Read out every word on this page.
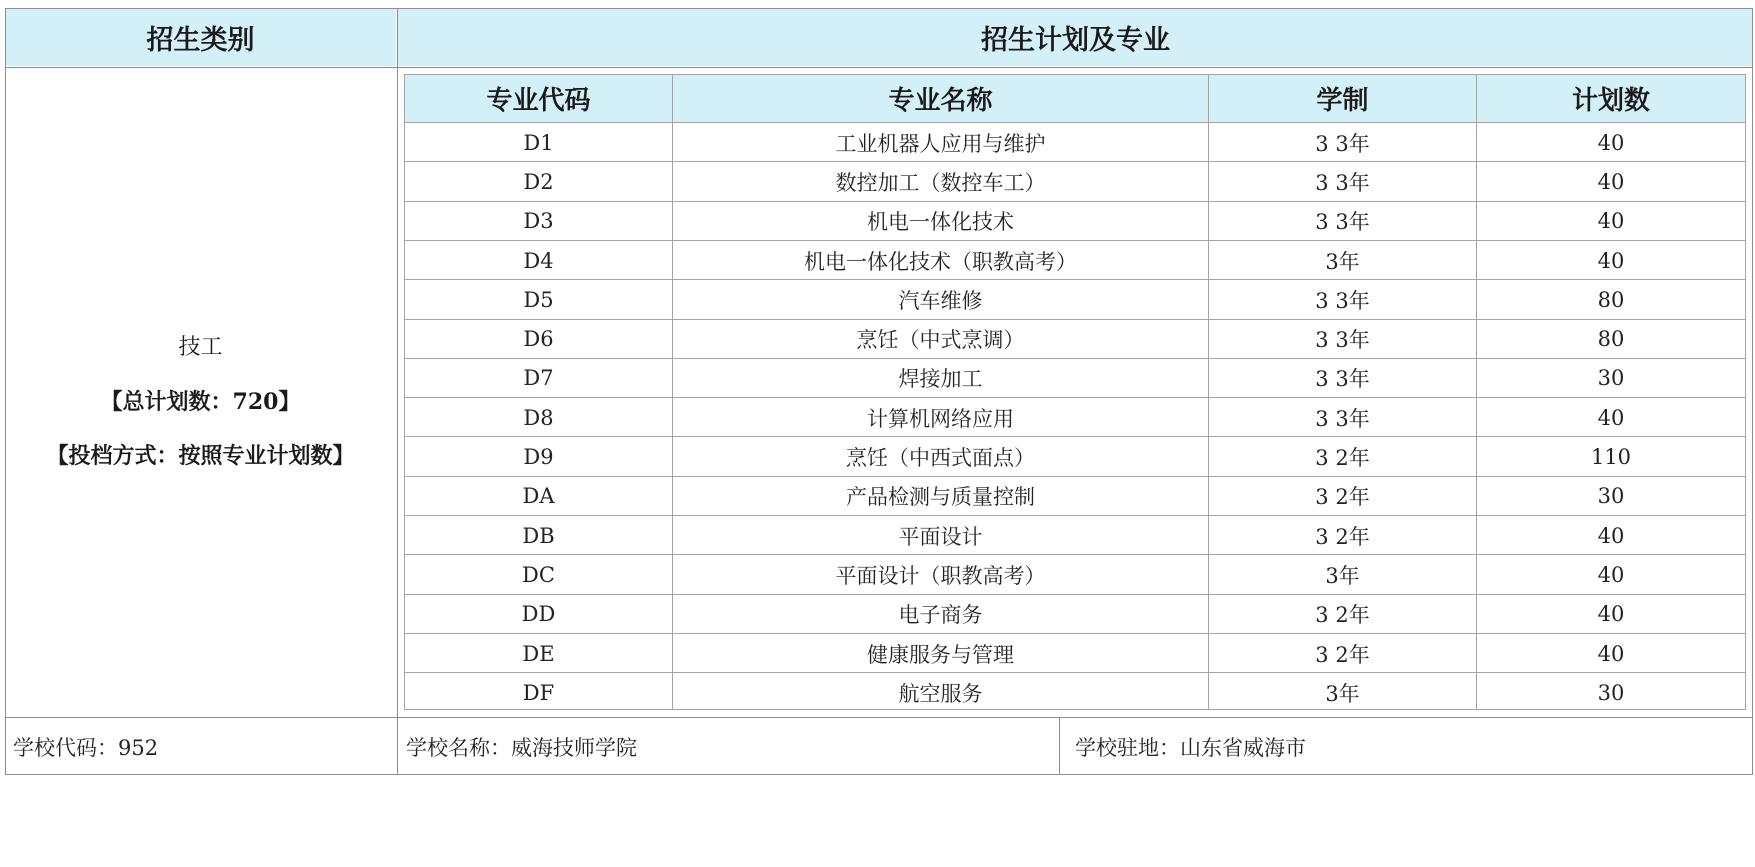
招生类别	招生计划及专业
技工
【总计划数：720】
【投档方式：按照专业计划数】
专业代码	专业名称	学制	计划数
D1	工业机器人应用与维护	3 3年	40
D2	数控加工（数控车工）	3 3年	40
D3	机电一体化技术	3 3年	40
D4	机电一体化技术（职教高考）	3年	40
D5	汽车维修	3 3年	80
D6	烹饪（中式烹调）	3 3年	80
D7	焊接加工	3 3年	30
D8	计算机网络应用	3 3年	40
D9	烹饪（中西式面点）	3 2年	110
DA	产品检测与质量控制	3 2年	30
DB	平面设计	3 2年	40
DC	平面设计（职教高考）	3年	40
DD	电子商务	3 2年	40
DE	健康服务与管理	3 2年	40
DF	航空服务	3年	30
学校代码：952	学校名称：威海技师学院	学校驻地：山东省威海市
